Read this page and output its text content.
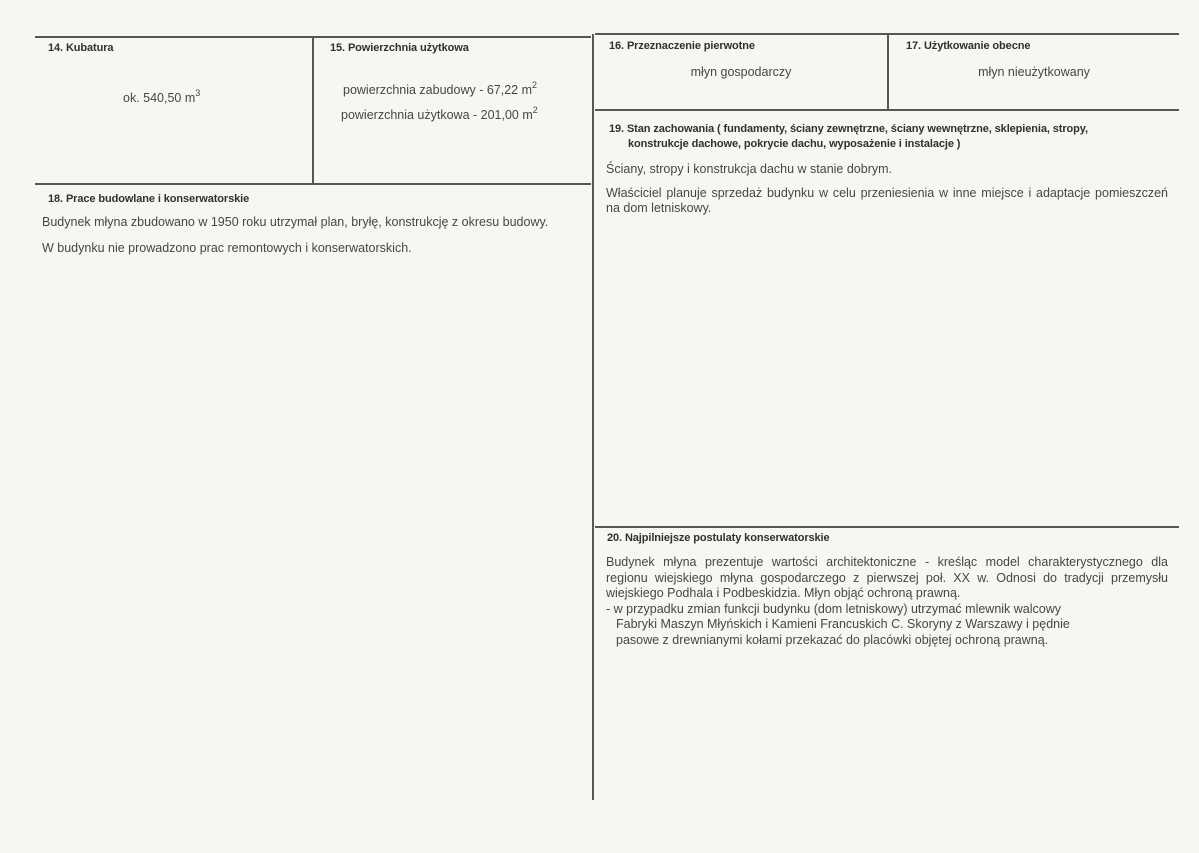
14. Kubatura
ok. 540,50 $m^3$
15. Powierzchnia użytkowa
powierzchnia zabudowy - 67,22 $m^2$
powierzchnia użytkowa - 201,00 $m^2$
16. Przeznaczenie pierwotne
młyn gospodarczy
17. Użytkowanie obecne
młyn nieużytkowany
18. Prace budowlane i konserwatorskie

Budynek młyna zbudowano w 1950 roku utrzymał plan, bryłę, konstrukcję z okresu budowy.

W budynku nie prowadzono prac remontowych i konserwatorskich.

19. Stan zachowania ( fundamenty, ściany zewnętrzne, ściany wewnętrzne, sklepienia, stropy,
konstrukcje dachowe, pokrycie dachu, wyposażenie i instalacje )

Ściany, stropy i konstrukcja dachu w stanie dobrym.

Właściciel planuje sprzedaż budynku w celu przeniesienia w inne miejsce i adaptacje pomieszczeń na dom letniskowy.

20. Najpilniejsze postulaty konserwatorskie

Budynek młyna prezentuje wartości architektoniczne - kreśląc model charakterystycznego dla regionu wiejskiego młyna gospodarczego z pierwszej poł. XX w. Odnosi do tradycji przemysłu wiejskiego Podhala i Podbeskidzia. Młyn objąć ochroną prawną.

- w przypadku zmian funkcji budynku (dom letniskowy) utrzymać mlewnik walcowy

Fabryki Maszyn Młyńskich i Kamieni Francuskich C. Skoryny z Warszawy i pędnie

pasowe z drewnianymi kołami przekazać do placówki objętej ochroną prawną.
